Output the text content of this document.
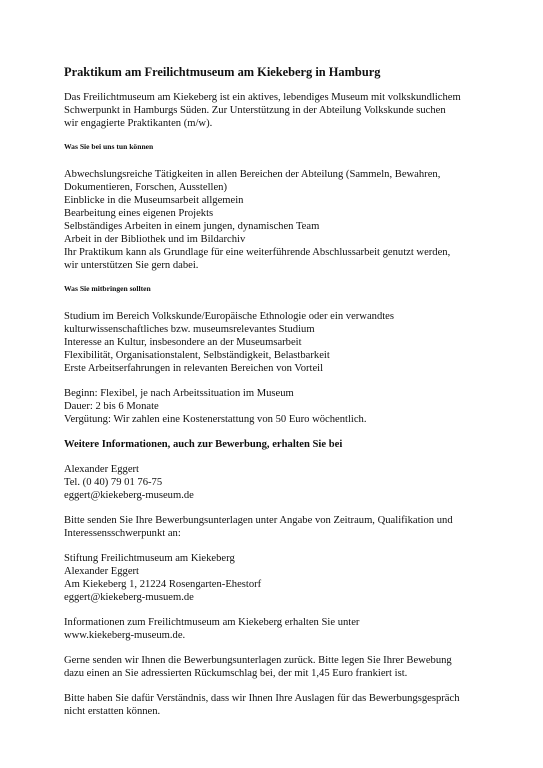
Praktikum am Freilichtmuseum am Kiekeberg in Hamburg
Das Freilichtmuseum am Kiekeberg ist ein aktives, lebendiges Museum mit volkskundlichem
Schwerpunkt in Hamburgs Süden. Zur Unterstützung in der Abteilung Volkskunde suchen
wir engagierte Praktikanten (m/w).
Was Sie bei uns tun können
Abwechslungsreiche Tätigkeiten in allen Bereichen der Abteilung (Sammeln, Bewahren,
Dokumentieren, Forschen, Ausstellen)
Einblicke in die Museumsarbeit allgemein
Bearbeitung eines eigenen Projekts
Selbständiges Arbeiten in einem jungen, dynamischen Team
Arbeit in der Bibliothek und im Bildarchiv
Ihr Praktikum kann als Grundlage für eine weiterführende Abschlussarbeit genutzt werden,
wir unterstützen Sie gern dabei.
Was Sie mitbringen sollten
Studium im Bereich Volkskunde/Europäische Ethnologie oder ein verwandtes
kulturwissenschaftliches bzw. museumsrelevantes Studium
Interesse an Kultur, insbesondere an der Museumsarbeit
Flexibilität, Organisationstalent, Selbständigkeit, Belastbarkeit
Erste Arbeitserfahrungen in relevanten Bereichen von Vorteil
Beginn: Flexibel, je nach Arbeitssituation im Museum
Dauer: 2 bis 6 Monate
Vergütung: Wir zahlen eine Kostenerstattung von 50 Euro wöchentlich.
Weitere Informationen, auch zur Bewerbung, erhalten Sie bei
Alexander Eggert
Tel. (0 40) 79 01 76-75
eggert@kiekeberg-museum.de
Bitte senden Sie Ihre Bewerbungsunterlagen unter Angabe von Zeitraum, Qualifikation und
Interessensschwerpunkt an:
Stiftung Freilichtmuseum am Kiekeberg
Alexander Eggert
Am Kiekeberg 1, 21224 Rosengarten-Ehestorf
eggert@kiekeberg-musuem.de
Informationen zum Freilichtmuseum am Kiekeberg erhalten Sie unter
www.kiekeberg-museum.de.
Gerne senden wir Ihnen die Bewerbungsunterlagen zurück. Bitte legen Sie Ihrer Bewebung
dazu einen an Sie adressierten Rückumschlag bei, der mit 1,45 Euro frankiert ist.
Bitte haben Sie dafür Verständnis, dass wir Ihnen Ihre Auslagen für das Bewerbungsgespräch
nicht erstatten können.
